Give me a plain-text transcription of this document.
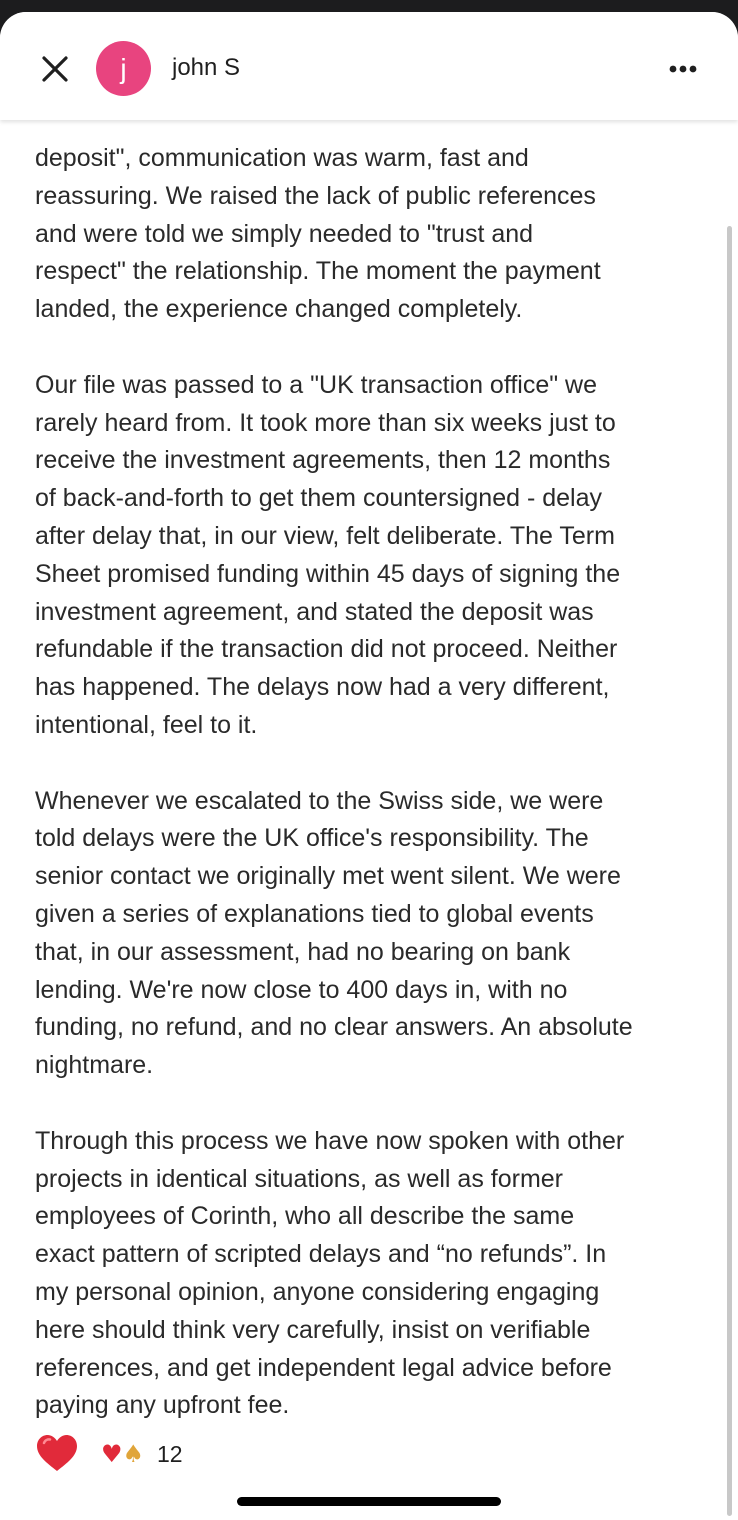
j	john S
deposit", communication was warm, fast and
reassuring. We raised the lack of public references
and were told we simply needed to "trust and
respect" the relationship. The moment the payment
landed, the experience changed completely.

Our file was passed to a "UK transaction office" we
rarely heard from. It took more than six weeks just to
receive the investment agreements, then 12 months
of back-and-forth to get them countersigned - delay
after delay that, in our view, felt deliberate. The Term
Sheet promised funding within 45 days of signing the
investment agreement, and stated the deposit was
refundable if the transaction did not proceed. Neither
has happened. The delays now had a very different,
intentional, feel to it.

Whenever we escalated to the Swiss side, we were
told delays were the UK office's responsibility. The
senior contact we originally met went silent. We were
given a series of explanations tied to global events
that, in our assessment, had no bearing on bank
lending. We're now close to 400 days in, with no
funding, no refund, and no clear answers. An absolute
nightmare.

Through this process we have now spoken with other
projects in identical situations, as well as former
employees of Corinth, who all describe the same
exact pattern of scripted delays and “no refunds”. In
my personal opinion, anyone considering engaging
here should think very carefully, insist on verifiable
references, and get independent legal advice before
paying any upfront fee.
♥♠ 12
